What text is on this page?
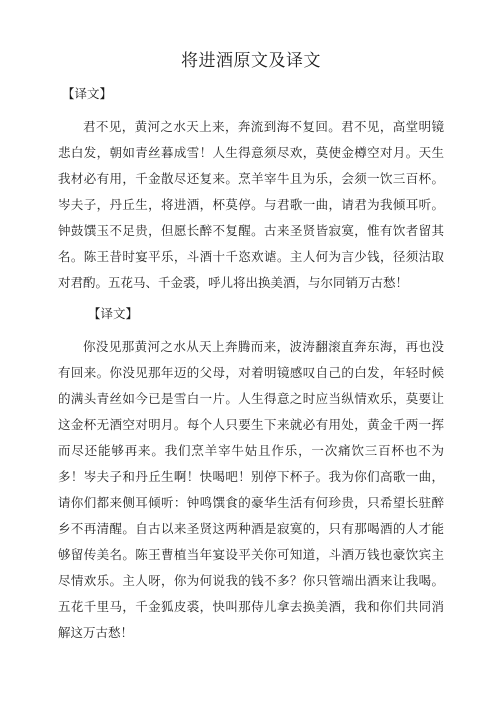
将进酒原文及译文
【译文】

君不见，黄河之水天上来，奔流到海不复回。君不见，高堂明镜悲白发，朝如青丝暮成雪！人生得意须尽欢，莫使金樽空对月。天生我材必有用，千金散尽还复来。烹羊宰牛且为乐，会须一饮三百杯。岑夫子，丹丘生，将进酒，杯莫停。与君歌一曲，请君为我倾耳听。钟鼓馔玉不足贵，但愿长醉不复醒。古来圣贤皆寂寞，惟有饮者留其名。陈王昔时宴平乐，斗酒十千恣欢谑。主人何为言少钱，径须沽取对君酌。五花马、千金裘，呼儿将出换美酒，与尔同销万古愁！

【译文】

你没见那黄河之水从天上奔腾而来，波涛翻滚直奔东海，再也没有回来。你没见那年迈的父母，对着明镜感叹自己的白发，年轻时候的满头青丝如今已是雪白一片。人生得意之时应当纵情欢乐，莫要让这金杯无酒空对明月。每个人只要生下来就必有用处，黄金千两一挥而尽还能够再来。我们烹羊宰牛姑且作乐，一次痛饮三百杯也不为多！岑夫子和丹丘生啊！快喝吧！别停下杯子。我为你们高歌一曲，请你们都来侧耳倾听：钟鸣馔食的豪华生活有何珍贵，只希望长驻醉乡不再清醒。自古以来圣贤这两种酒是寂寞的，只有那喝酒的人才能够留传美名。陈王曹植当年宴设平关你可知道，斗酒万钱也豪饮宾主尽情欢乐。主人呀，你为何说我的钱不多？你只管端出酒来让我喝。五花千里马，千金狐皮裘，快叫那侍儿拿去换美酒，我和你们共同消解这万古愁！
